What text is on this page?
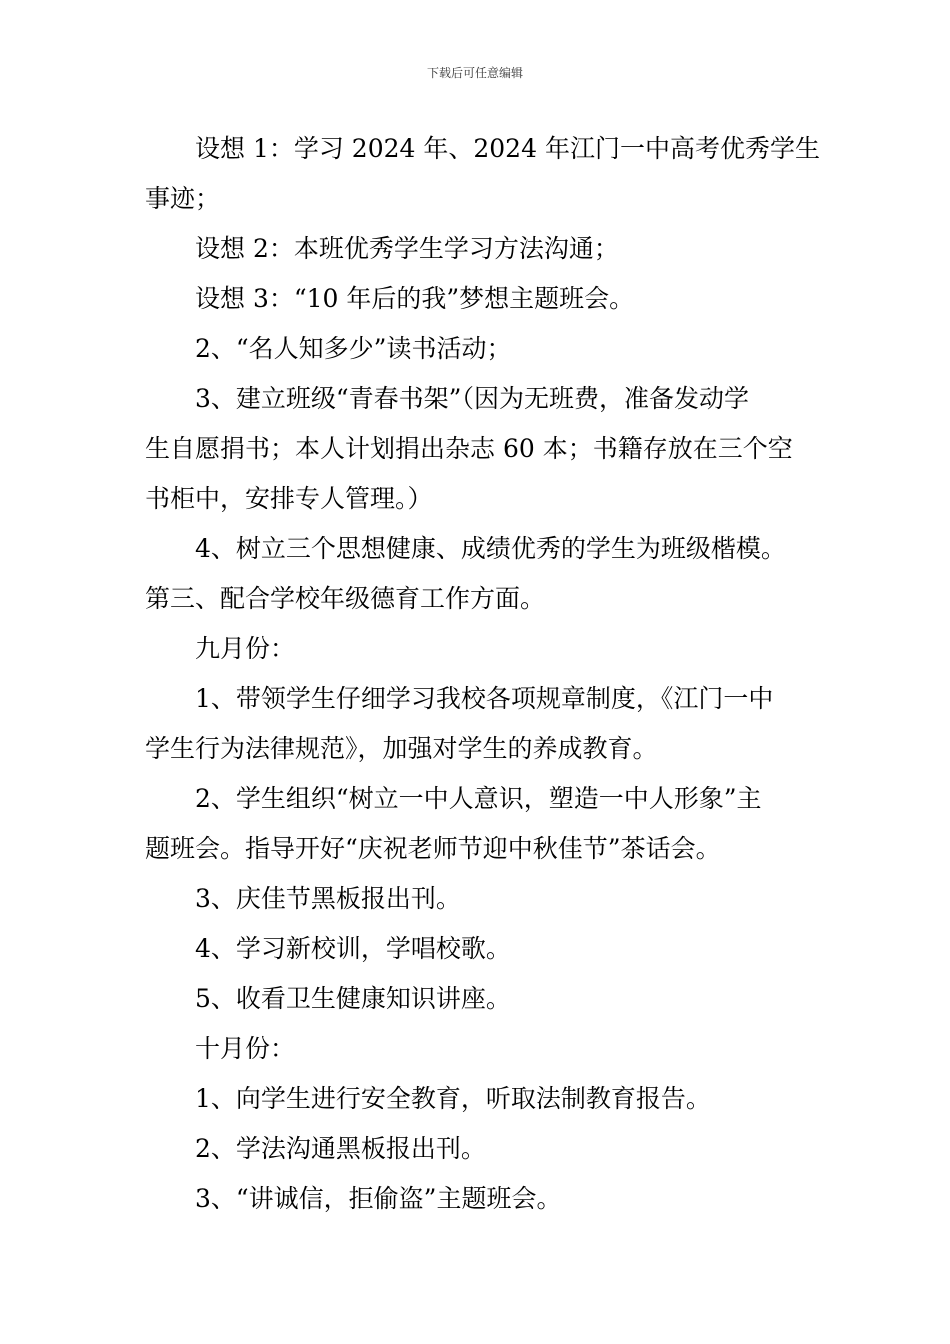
下载后可任意编辑

设想 1：学习 2024 年、2024 年江门一中高考优秀学生

事迹；

设想 2：本班优秀学生学习方法沟通；

设想 3：“10 年后的我”梦想主题班会。

2、“名人知多少”读书活动；

3、建立班级“青春书架”（因为无班费，准备发动学

生自愿捐书；本人计划捐出杂志 60 本；书籍存放在三个空

书柜中，安排专人管理。）

4、树立三个思想健康、成绩优秀的学生为班级楷模。

第三、配合学校年级德育工作方面。

九月份：

1、带领学生仔细学习我校各项规章制度，《江门一中

学生行为法律规范》，加强对学生的养成教育。

2、学生组织“树立一中人意识，塑造一中人形象”主

题班会。指导开好“庆祝老师节迎中秋佳节”茶话会。

3、庆佳节黑板报出刊。

4、学习新校训，学唱校歌。

5、收看卫生健康知识讲座。

十月份：

1、向学生进行安全教育，听取法制教育报告。

2、学法沟通黑板报出刊。

3、“讲诚信，拒偷盗”主题班会。
